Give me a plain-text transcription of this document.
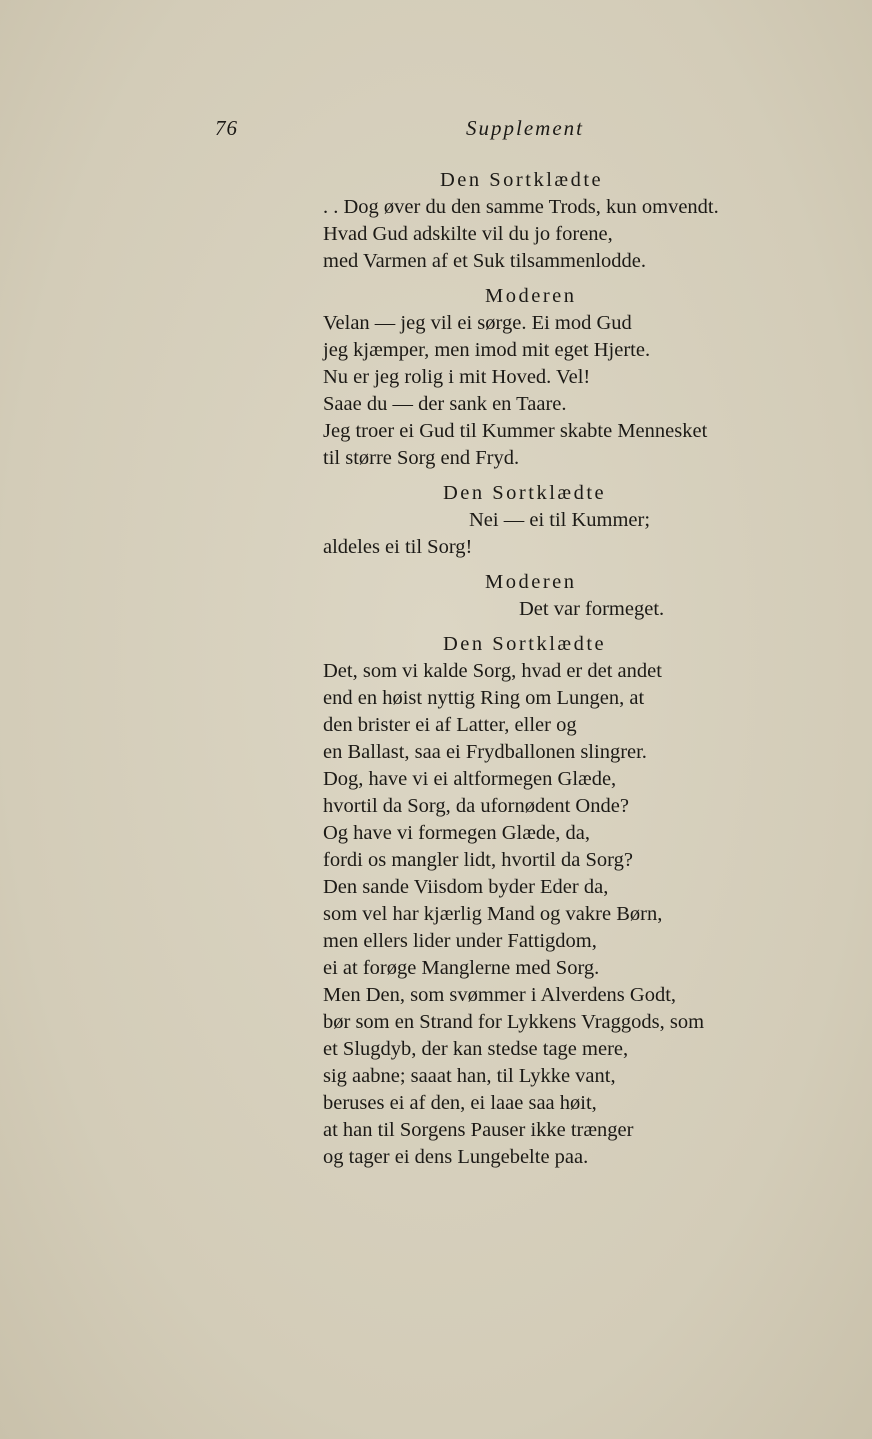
76	Supplement
Den Sortklædte
. . Dog øver du den samme Trods, kun omvendt.
Hvad Gud adskilte vil du jo forene,
med Varmen af et Suk tilsammenlodde.
Moderen
Velan — jeg vil ei sørge. Ei mod Gud
jeg kjæmper, men imod mit eget Hjerte.
Nu er jeg rolig i mit Hoved. Vel!
Saae du — der sank en Taare.
Jeg troer ei Gud til Kummer skabte Mennesket
til større Sorg end Fryd.
Den Sortklædte
Nei — ei til Kummer;
aldeles ei til Sorg!
Moderen
Det var formeget.
Den Sortklædte
Det, som vi kalde Sorg, hvad er det andet
end en høist nyttig Ring om Lungen, at
den brister ei af Latter, eller og
en Ballast, saa ei Frydballonen slingrer.
Dog, have vi ei altformegen Glæde,
hvortil da Sorg, da ufornødent Onde?
Og have vi formegen Glæde, da,
fordi os mangler lidt, hvortil da Sorg?
Den sande Viisdom byder Eder da,
som vel har kjærlig Mand og vakre Børn,
men ellers lider under Fattigdom,
ei at forøge Manglerne med Sorg.
Men Den, som svømmer i Alverdens Godt,
bør som en Strand for Lykkens Vraggods, som
et Slugdyb, der kan stedse tage mere,
sig aabne; saaat han, til Lykke vant,
beruses ei af den, ei laae saa høit,
at han til Sorgens Pauser ikke trænger
og tager ei dens Lungebelte paa.
